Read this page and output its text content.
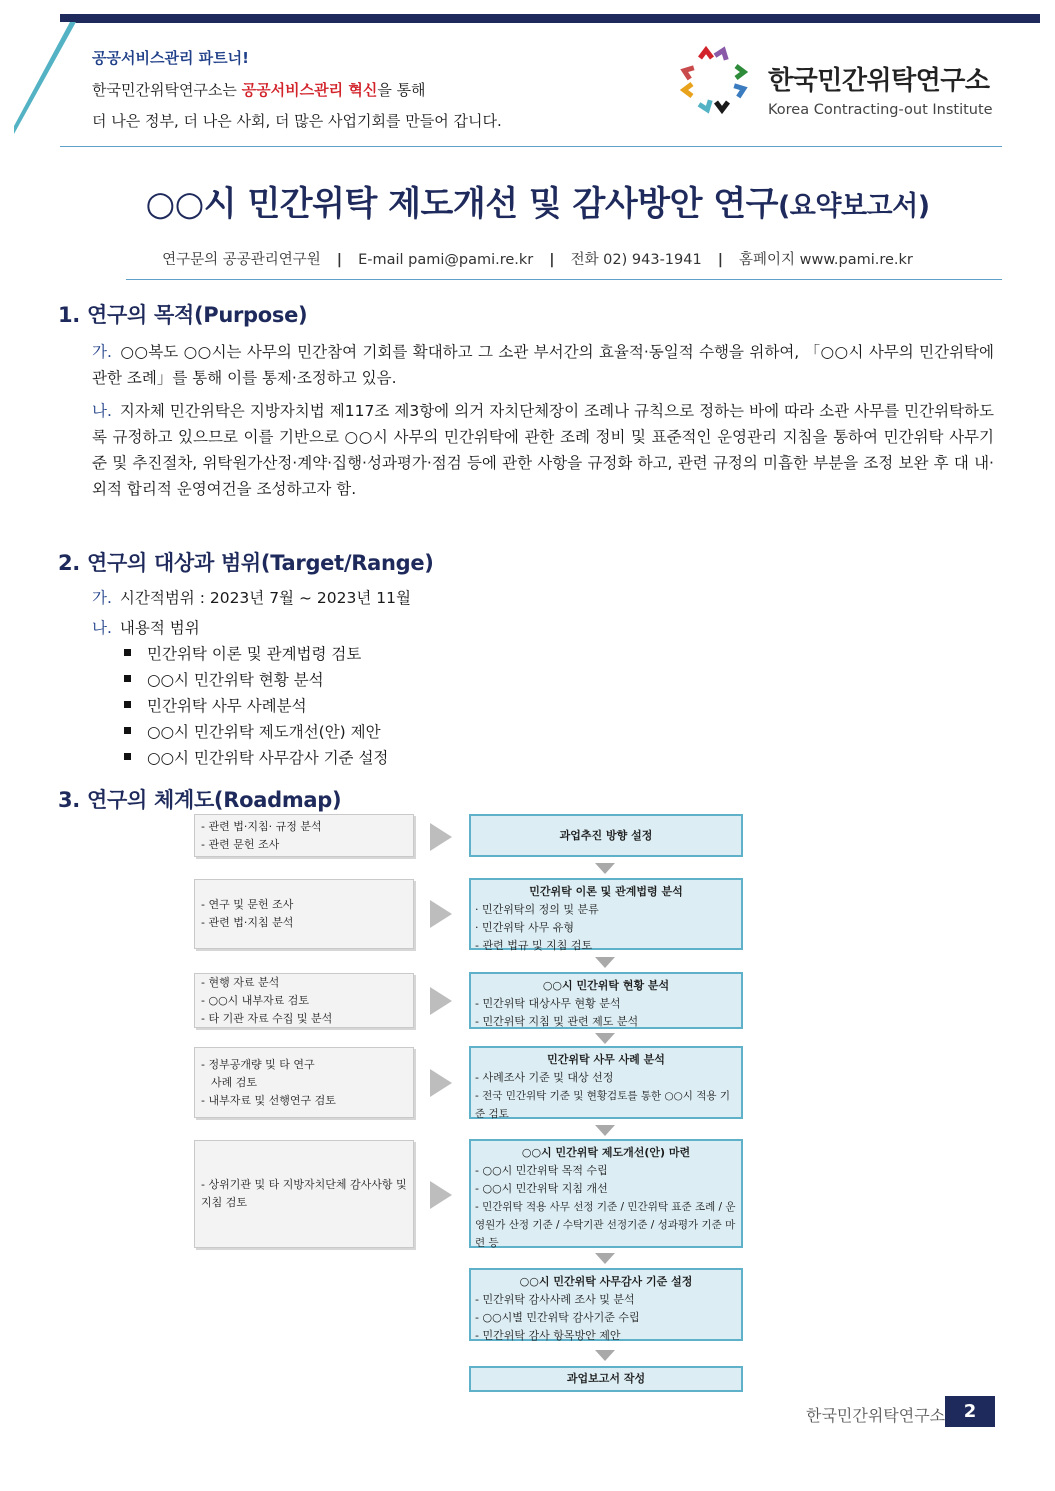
공공서비스관리 파트너!
한국민간위탁연구소는 공공서비스관리 혁신을 통해
더 나은 정부, 더 나은 사회, 더 많은 사업기회를 만들어 갑니다.
한국민간위탁연구소
Korea Contracting-out Institute
○○시 민간위탁 제도개선 및 감사방안 연구(요약보고서)
연구문의 공공관리연구원 | E-mail pami@pami.re.kr | 전화 02) 943-1941 | 홈페이지 www.pami.re.kr
1. 연구의 목적(Purpose)
가. ○○복도 ○○시는 사무의 민간참여 기회를 확대하고 그 소관 부서간의 효율적·동일적 수행을 위하여, 「○○시 사무의 민간위탁에 관한 조례」를 통해 이를 통제·조정하고 있음.
나. 지자체 민간위탁은 지방자치법 제117조 제3항에 의거 자치단체장이 조례나 규칙으로 정하는 바에 따라 소관 사무를 민간위탁하도록 규정하고 있으므로 이를 기반으로 ○○시 사무의 민간위탁에 관한 조례 정비 및 표준적인 운영관리 지침을 통하여 민간위탁 사무기준 및 추진절차, 위탁원가산정·계약·집행·성과평가·점검 등에 관한 사항을 규정화 하고, 관련 규정의 미흡한 부분을 조정 보완 후 대 내·외적 합리적 운영여건을 조성하고자 함.
2. 연구의 대상과 범위(Target/Range)
가. 시간적범위 : 2023년 7월 ~ 2023년 11월
나. 내용적 범위
민간위탁 이론 및 관계법령 검토
○○시 민간위탁 현황 분석
민간위탁 사무 사례분석
○○시 민간위탁 제도개선(안) 제안
○○시 민간위탁 사무감사 기준 설정
3. 연구의 체계도(Roadmap)
- 관련 법·지침· 규정 분석
- 관련 문헌 조사
- 연구 및 문헌 조사
- 관련 법·지침 분석
- 현행 자료 분석
- ○○시 내부자료 검토
- 타 기관 자료 수집 및 분석
- 정부공개량 및 타 연구
사례 검토
- 내부자료 및 선행연구 검토
- 상위기관 및 타 지방자치단체 감사사항 및 지침 검토
과업추진 방향 설정
민간위탁 이론 및 관계법령 분석
· 민간위탁의 정의 및 분류
· 민간위탁 사무 유형
- 관련 법규 및 지침 검토
○○시 민간위탁 현황 분석
- 민간위탁 대상사무 현황 분석
- 민간위탁 지침 및 관련 제도 분석
민간위탁 사무 사례 분석
- 사례조사 기준 및 대상 선정
- 전국 민간위탁 기준 및 현황검토를 통한 ○○시 적용 기준 검토
○○시 민간위탁 제도개선(안) 마련
- ○○시 민간위탁 목적 수립
- ○○시 민간위탁 지침 개선
- 민간위탁 적용 사무 선정 기준 / 민간위탁 표준 조례 / 운영원가 산정 기준 / 수탁기관 선정기준 / 성과평가 기준 마련 등
○○시 민간위탁 사무감사 기준 설정
- 민간위탁 감사사례 조사 및 분석
- ○○시별 민간위탁 감사기준 수립
- 민간위탁 감사 항목방안 제안
과업보고서 작성
한국민간위탁연구소	2
